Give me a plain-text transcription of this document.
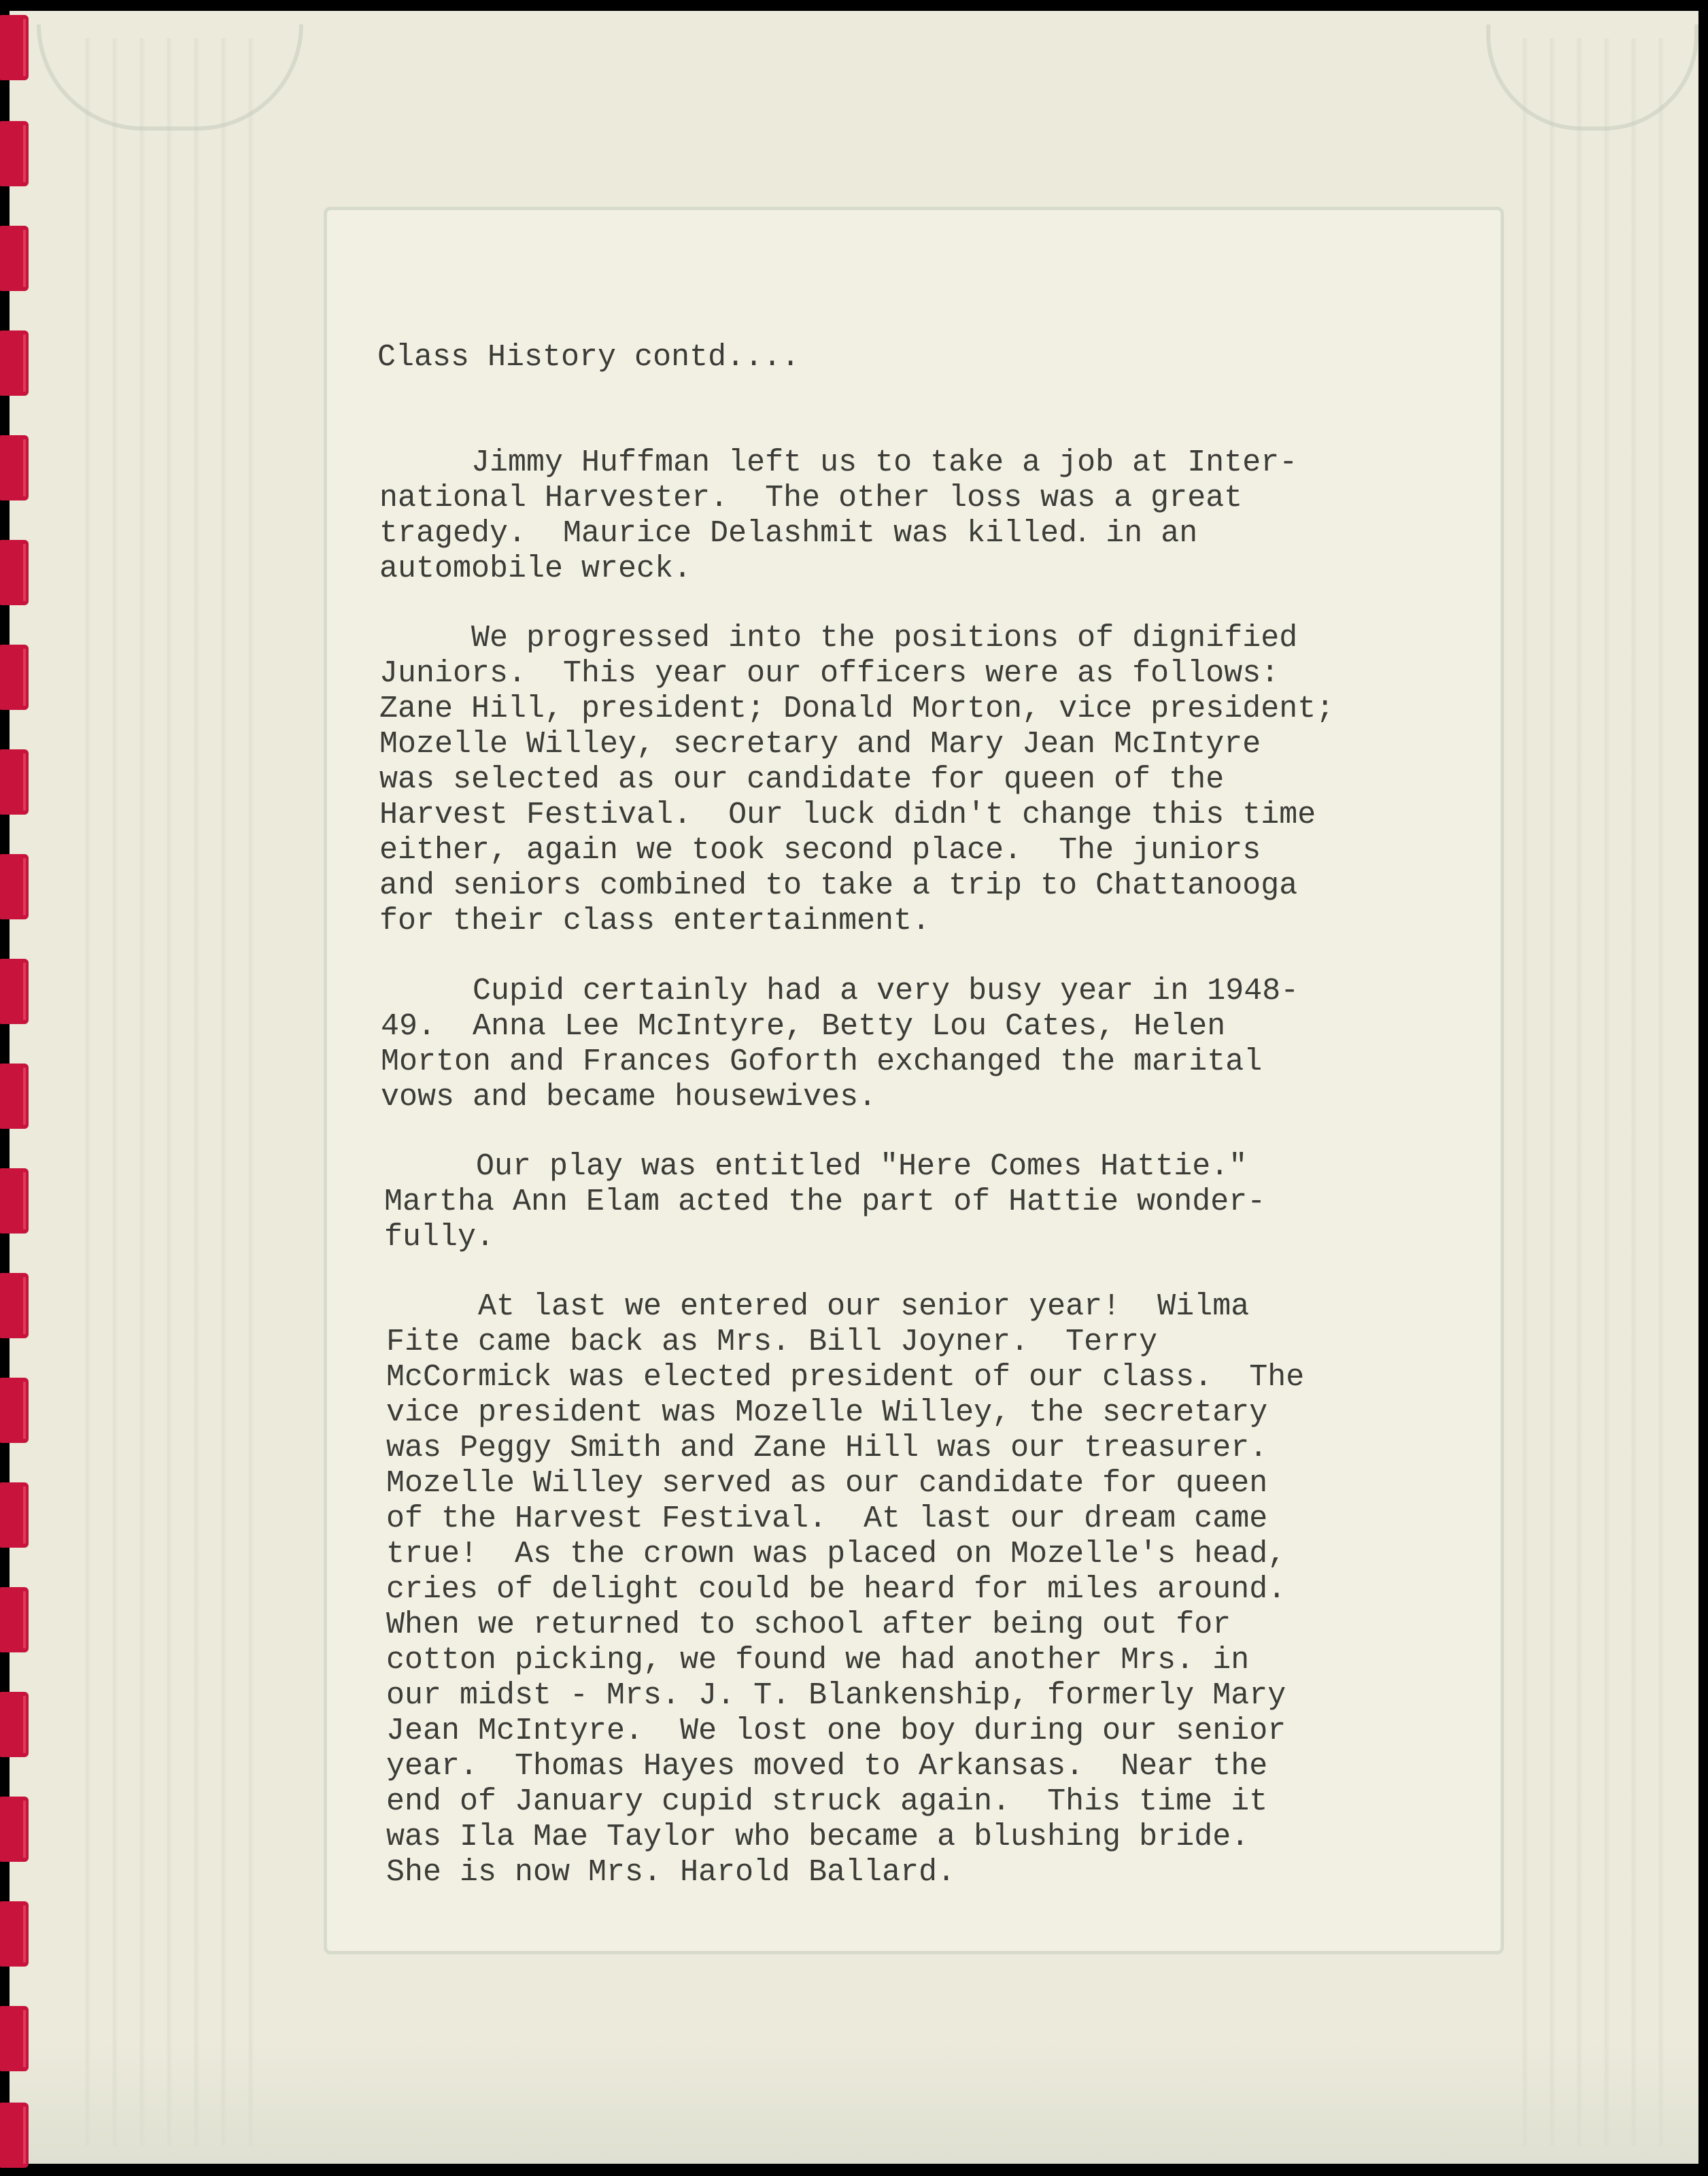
Class History contd....
Jimmy Huffman left us to take a job at Inter-
national Harvester.  The other loss was a great
tragedy.  Maurice Delashmit was killed․ in an
automobile wreck.
We progressed into the positions of dignified
Juniors.  This year our officers were as follows:
Zane Hill, president; Donald Morton, vice president;
Mozelle Willey, secretary and Mary Jean McIntyre
was selected as our candidate for queen of the
Harvest Festival.  Our luck didn't change this time
either, again we took second place.  The juniors
and seniors combined to take a trip to Chattanooga
for their class entertainment.
Cupid certainly had a very busy year in 1948-
49.  Anna Lee McIntyre, Betty Lou Cates, Helen
Morton and Frances Goforth exchanged the marital
vows and became housewives.
Our play was entitled "Here Comes Hattie."
Martha Ann Elam acted the part of Hattie wonder-
fully.
At last we entered our senior year!  Wilma
Fite came back as Mrs. Bill Joyner.  Terry
McCormick was elected president of our class.  The
vice president was Mozelle Willey, the secretary
was Peggy Smith and Zane Hill was our treasurer.
Mozelle Willey served as our candidate for queen
of the Harvest Festival.  At last our dream came
true!  As the crown was placed on Mozelle's head,
cries of delight could be heard for miles around.
When we returned to school after being out for
cotton picking, we found we had another Mrs. in
our midst - Mrs. J. T. Blankenship, formerly Mary
Jean McIntyre.  We lost one boy during our senior
year.  Thomas Hayes moved to Arkansas.  Near the
end of January cupid struck again.  This time it
was Ila Mae Taylor who became a blushing bride.
She is now Mrs. Harold Ballard.
